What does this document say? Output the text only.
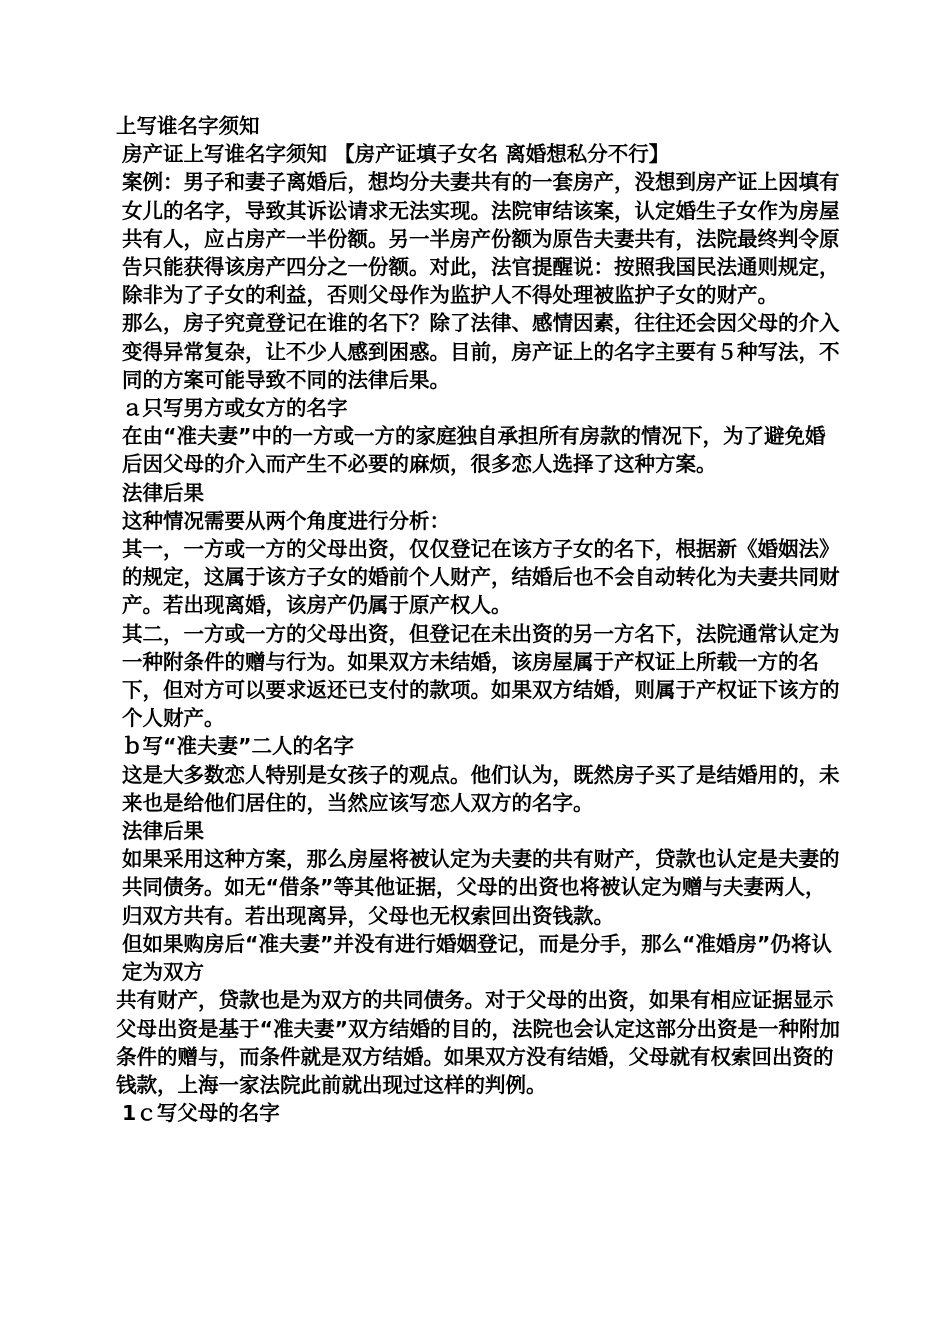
上写谁名字须知

房产证上写谁名字须知 【房产证填子女名 离婚想私分不行】

案例：男子和妻子离婚后，想均分夫妻共有的一套房产，没想到房产证上因填有女儿的名字，导致其诉讼请求无法实现。法院审结该案，认定婚生子女作为房屋共有人，应占房产一半份额。另一半房产份额为原告夫妻共有，法院最终判令原告只能获得该房产四分之一份额。对此，法官提醒说：按照我国民法通则规定，除非为了子女的利益，否则父母作为监护人不得处理被监护子女的财产。

那么，房子究竟登记在谁的名下？除了法律、感情因素，往往还会因父母的介入变得异常复杂，让不少人感到困惑。目前，房产证上的名字主要有５种写法，不同的方案可能导致不同的法律后果。

ａ只写男方或女方的名字

在由“准夫妻”中的一方或一方的家庭独自承担所有房款的情况下，为了避免婚后因父母的介入而产生不必要的麻烦，很多恋人选择了这种方案。

法律后果

这种情况需要从两个角度进行分析：

其一，一方或一方的父母出资，仅仅登记在该方子女的名下，根据新《婚姻法》的规定，这属于该方子女的婚前个人财产，结婚后也不会自动转化为夫妻共同财产。若出现离婚，该房产仍属于原产权人。

其二，一方或一方的父母出资，但登记在未出资的另一方名下，法院通常认定为一种附条件的赠与行为。如果双方未结婚，该房屋属于产权证上所载一方的名下，但对方可以要求返还已支付的款项。如果双方结婚，则属于产权证下该方的个人财产。

ｂ写“准夫妻”二人的名字

这是大多数恋人特别是女孩子的观点。他们认为，既然房子买了是结婚用的，未来也是给他们居住的，当然应该写恋人双方的名字。

法律后果

如果采用这种方案，那么房屋将被认定为夫妻的共有财产，贷款也认定是夫妻的共同债务。如无“借条”等其他证据，父母的出资也将被认定为赠与夫妻两人，归双方共有。若出现离异，父母也无权索回出资钱款。

但如果购房后“准夫妻”并没有进行婚姻登记，而是分手，那么“准婚房”仍将认定为双方

共有财产，贷款也是为双方的共同债务。对于父母的出资，如果有相应证据显示父母出资是基于“准夫妻”双方结婚的目的，法院也会认定这部分出资是一种附加条件的赠与，而条件就是双方结婚。如果双方没有结婚，父母就有权索回出资的钱款，上海一家法院此前就出现过这样的判例。

1ｃ写父母的名字
